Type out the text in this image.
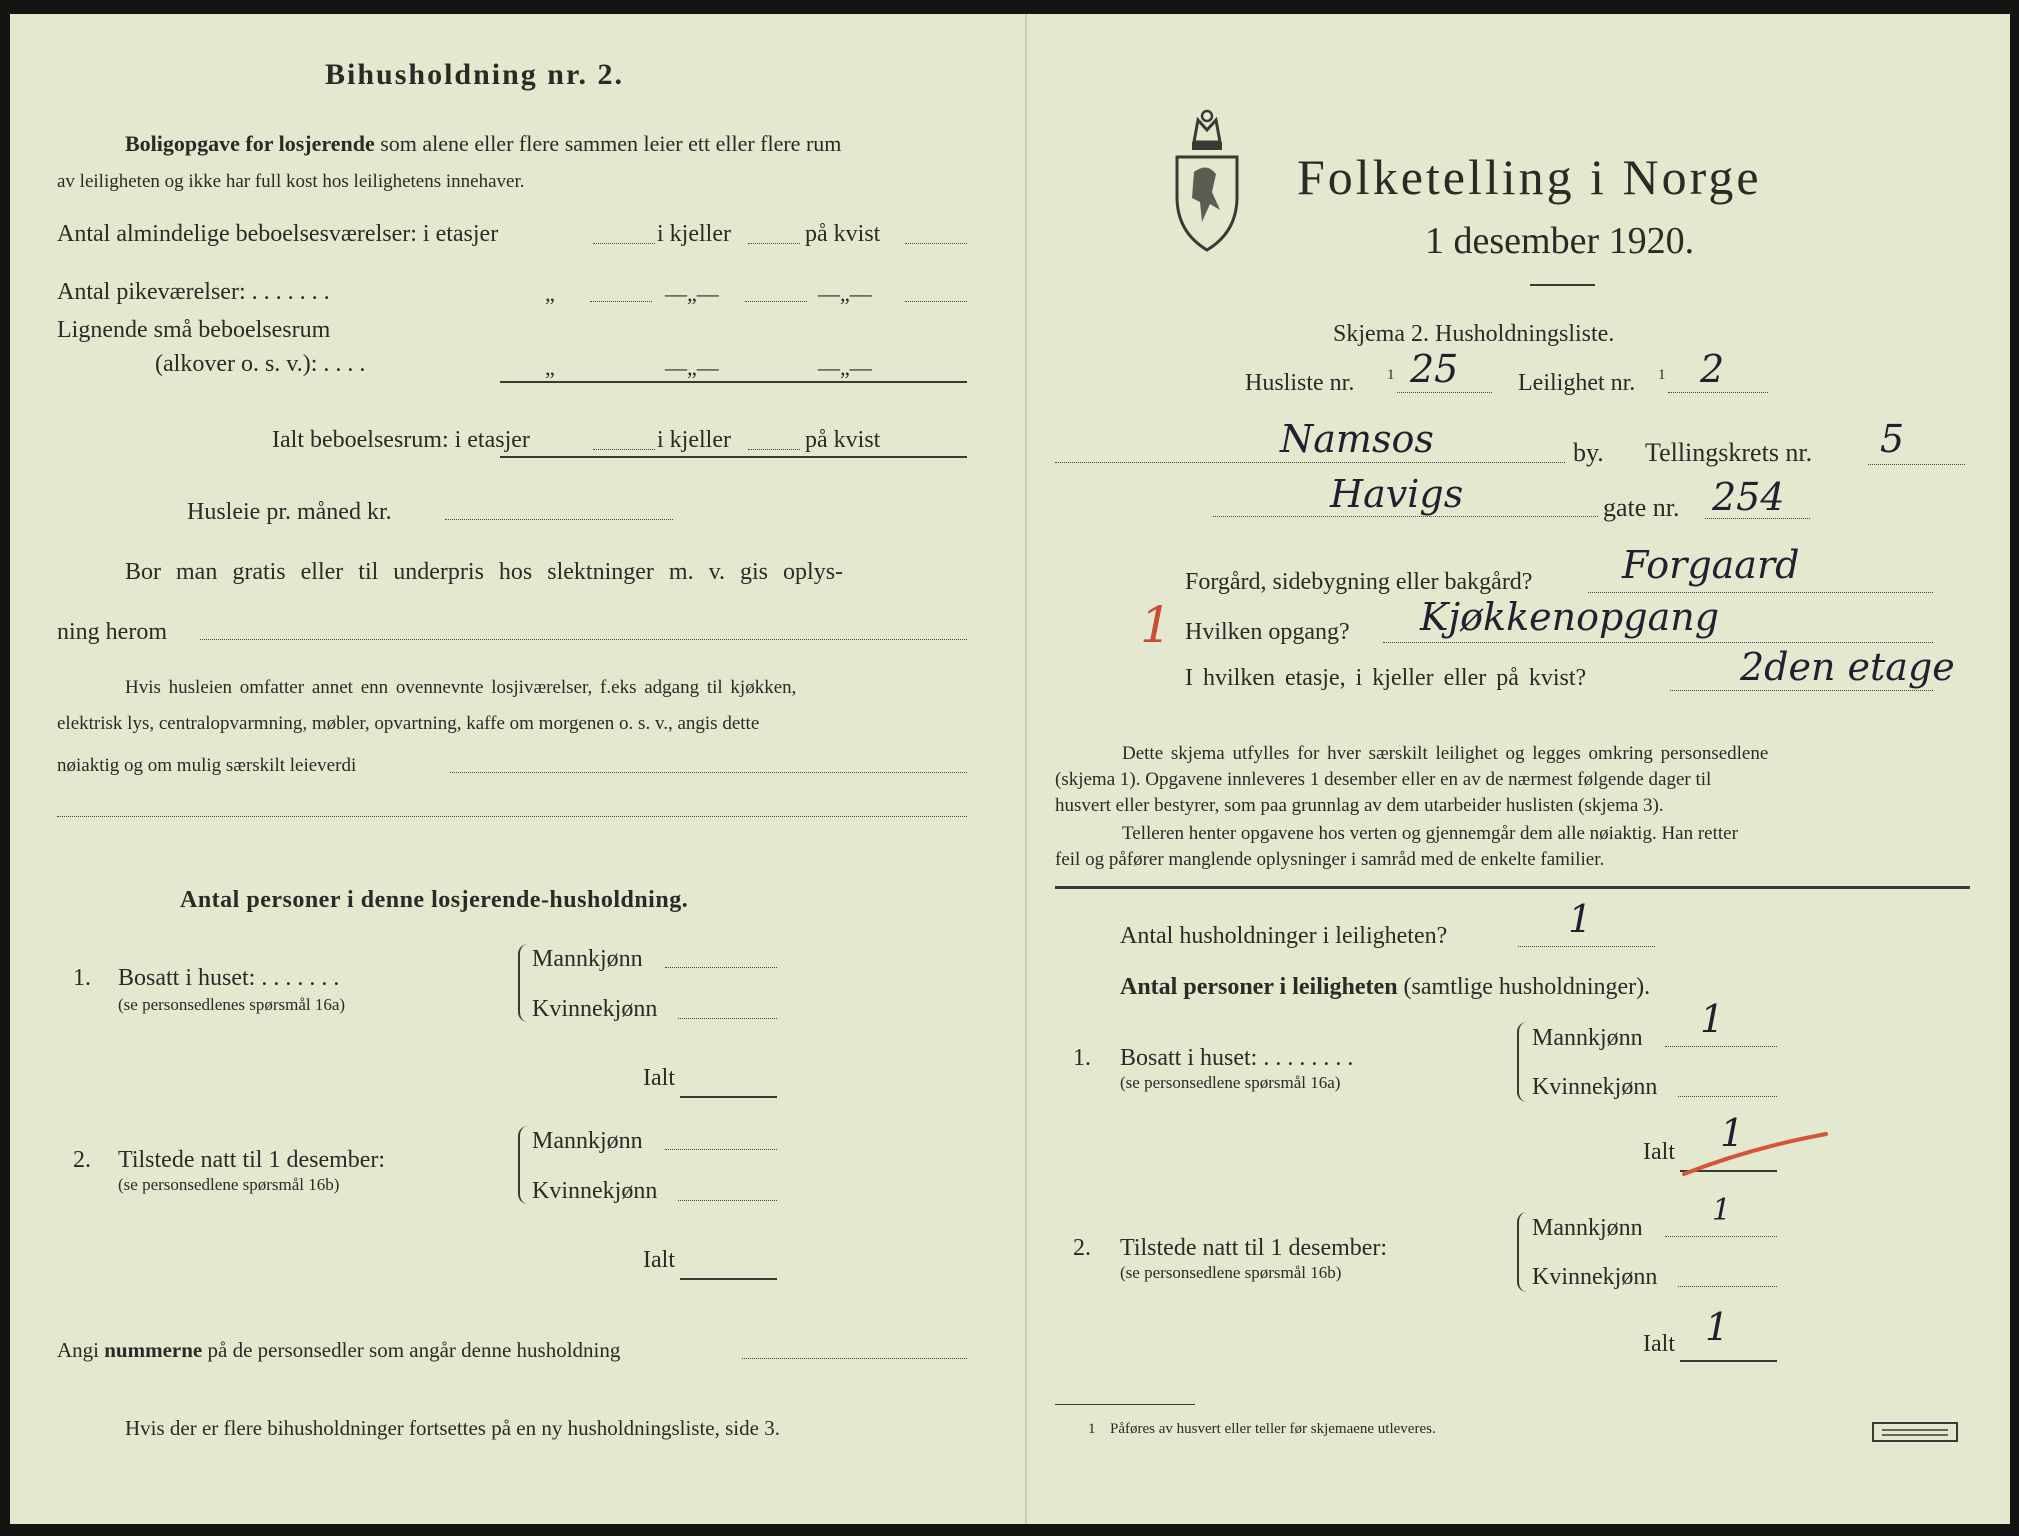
Bihusholdning nr. 2.
Boligopgave for losjerende som alene eller flere sammen leier ett eller flere rum
av leiligheten og ikke har full kost hos leilighetens innehaver.
Antal almindelige beboelsesværelser: i etasjer	i kjeller	på kvist
Antal pikeværelser: . . . . . . .	„	—„—	—„—
Lignende små beboelsesrum
(alkover o. s. v.): . . . .	„	—„—	—„—
Ialt beboelsesrum: i etasjer	i kjeller	på kvist
Husleie pr. måned kr.
Bor man gratis eller til underpris hos slektninger m. v. gis oplys-
ning herom
Hvis husleien omfatter annet enn ovennevnte losjiværelser, f.eks adgang til kjøkken,
elektrisk lys, centralopvarmning, møbler, opvartning, kaffe om morgenen o. s. v., angis dette
nøiaktig og om mulig særskilt leieverdi
Antal personer i denne losjerende-husholdning.
1. Bosatt i huset: . . . . . . .
(se personsedlenes spørsmål 16a)
Mannkjønn
Kvinnekjønn
Ialt
2. Tilstede natt til 1 desember:
(se personsedlene spørsmål 16b)
Mannkjønn
Kvinnekjønn
Ialt
Angi nummerne på de personsedler som angår denne husholdning
Hvis der er flere bihusholdninger fortsettes på en ny husholdningsliste, side 3.
Folketelling i Norge
1 desember 1920.
Skjema 2. Husholdningsliste.
Husliste nr. 1 25 Leilighet nr. 1 2
Namsos	by. Tellingskrets nr. 5
Havigs	gate nr. 254
Forgård, sidebygning eller bakgård? Forgaard
1 Hvilken opgang? Kjøkkenopgang
I hvilken etasje, i kjeller eller på kvist?	2den etage
Dette skjema utfylles for hver særskilt leilighet og legges omkring personsedlene
(skjema 1). Opgavene innleveres 1 desember eller en av de nærmest følgende dager til
husvert eller bestyrer, som paa grunnlag av dem utarbeider huslisten (skjema 3).
Telleren henter opgavene hos verten og gjennemgår dem alle nøiaktig. Han retter
feil og påfører manglende oplysninger i samråd med de enkelte familier.
Antal husholdninger i leiligheten?	1
Antal personer i leiligheten (samtlige husholdninger).
1. Bosatt i huset: . . . . . . . .
(se personsedlene spørsmål 16a)
Mannkjønn 1
Kvinnekjønn
Ialt 1
2. Tilstede natt til 1 desember:
(se personsedlene spørsmål 16b)
Mannkjønn 1
Kvinnekjønn
Ialt 1
1 Påføres av husvert eller teller før skjemaene utleveres.
